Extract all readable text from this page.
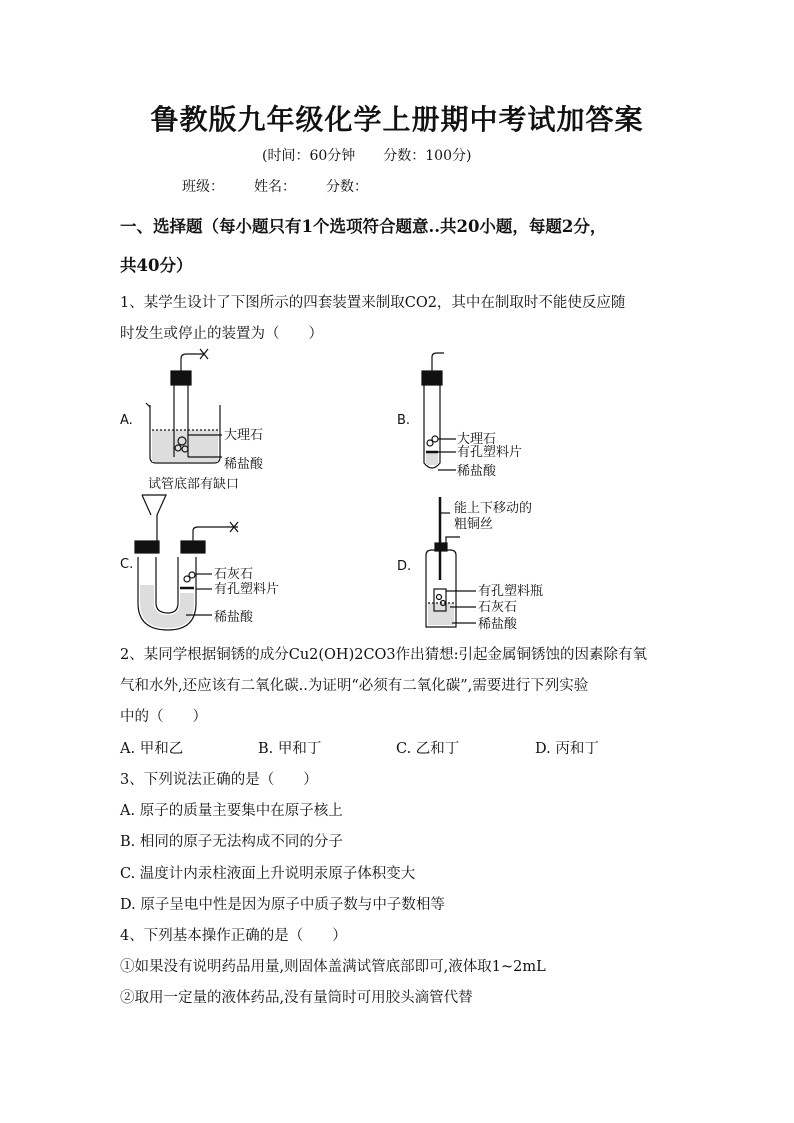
鲁教版九年级化学上册期中考试加答案
(时间：60分钟　　分数：100分)
班级： 姓名： 分数：
一、选择题（每小题只有1个选项符合题意..共20小题，每题2分，
共40分）
1、某学生设计了下图所示的四套装置来制取CO2，其中在制取时不能使反应随
时发生或停止的装置为（　　）
A.
大理石
稀盐酸
试管底部有缺口
B.
大理石
有孔塑料片
稀盐酸
C.
石灰石
有孔塑料片
稀盐酸
D.
能上下移动的
粗铜丝
有孔塑料瓶
石灰石
稀盐酸
2、某同学根据铜锈的成分Cu2(OH)2CO3作出猜想:引起金属铜锈蚀的因素除有氧
气和水外,还应该有二氧化碳..为证明“必须有二氧化碳”,需要进行下列实验
中的（　　）
A. 甲和乙	B. 甲和丁	C. 乙和丁	D. 丙和丁
3、下列说法正确的是（　　）
A. 原子的质量主要集中在原子核上
B. 相同的原子无法构成不同的分子
C. 温度计内汞柱液面上升说明汞原子体积变大
D. 原子呈电中性是因为原子中质子数与中子数相等
4、下列基本操作正确的是（　　）
①如果没有说明药品用量,则固体盖满试管底部即可,液体取1~2mL
②取用一定量的液体药品,没有量筒时可用胶头滴管代替
